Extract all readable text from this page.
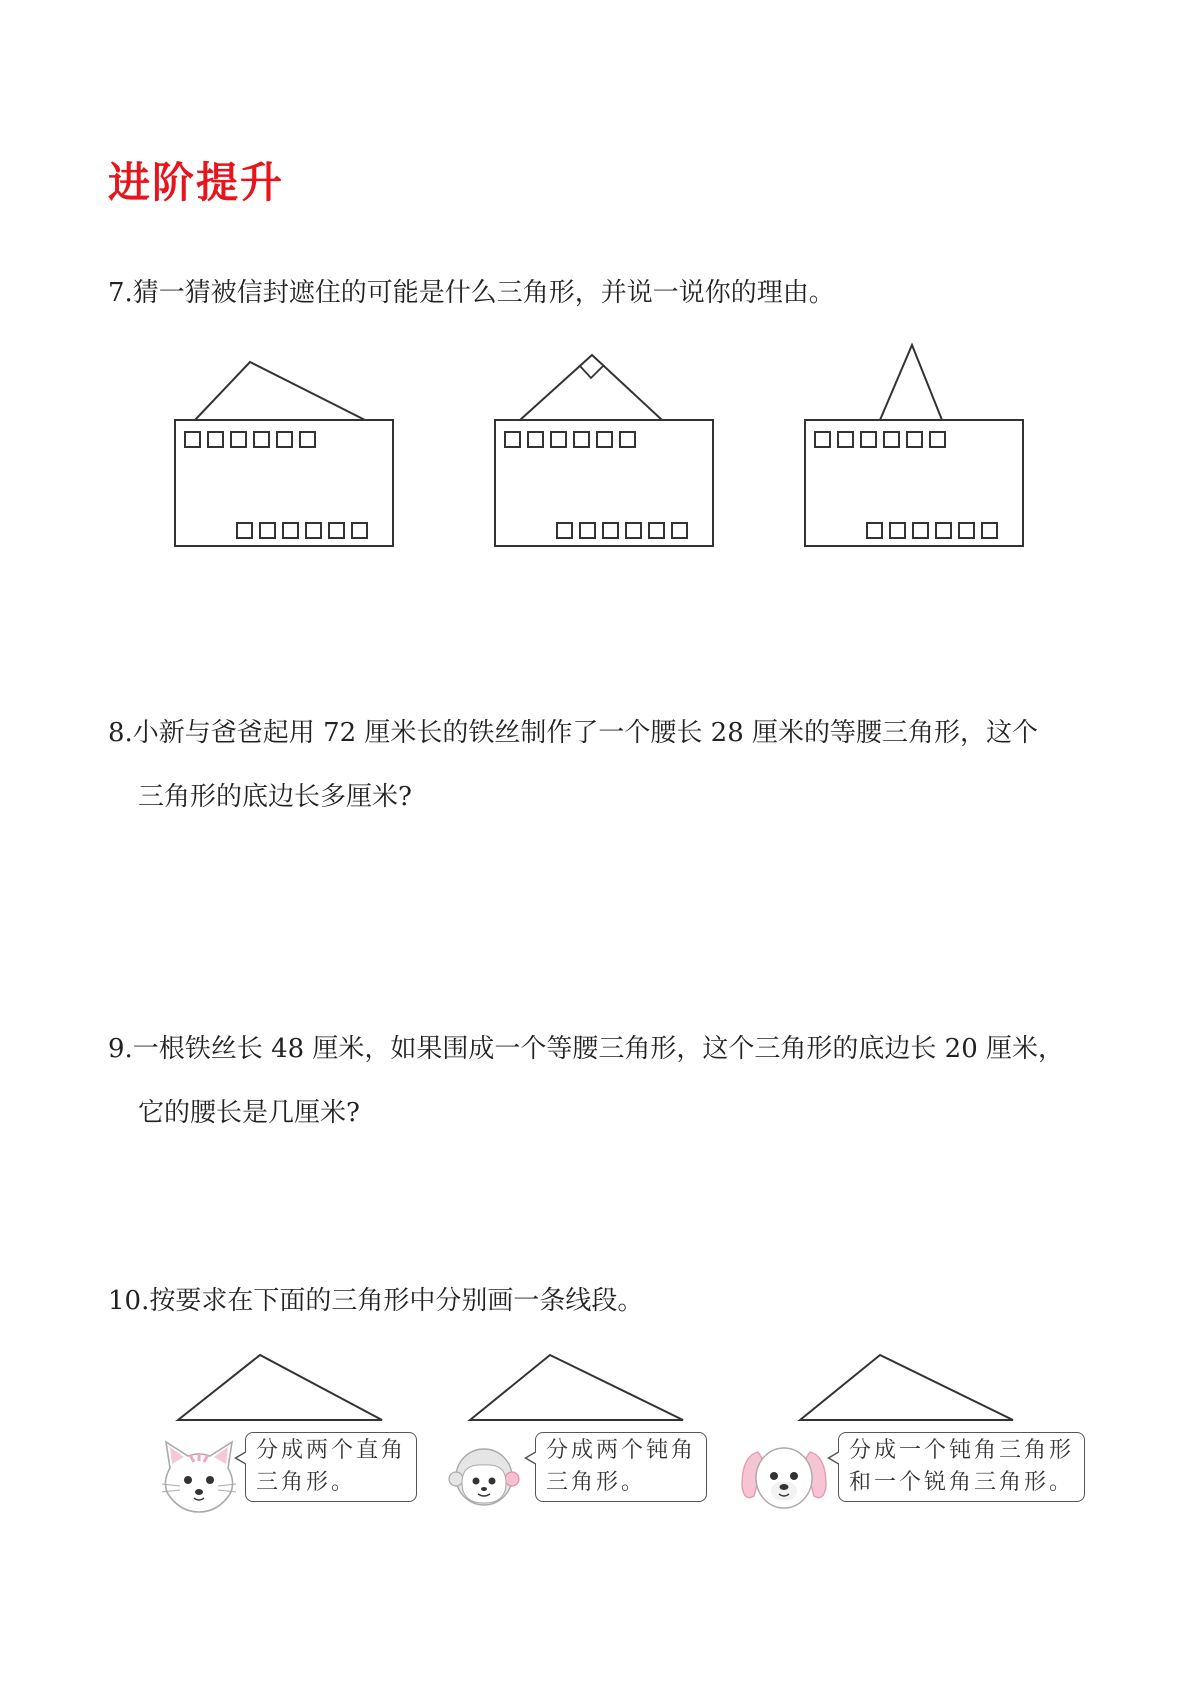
进阶提升
7.猜一猜被信封遮住的可能是什么三角形，并说一说你的理由。
8.小新与爸爸起用 72 厘米长的铁丝制作了一个腰长 28 厘米的等腰三角形，这个
三角形的底边长多厘米?
9.一根铁丝长 48 厘米，如果围成一个等腰三角形，这个三角形的底边长 20 厘米，
它的腰长是几厘米?
10.按要求在下面的三角形中分别画一条线段。
分成两个直角
三角形。
分成两个钝角
三角形。
分成一个钝角三角形
和一个锐角三角形。
